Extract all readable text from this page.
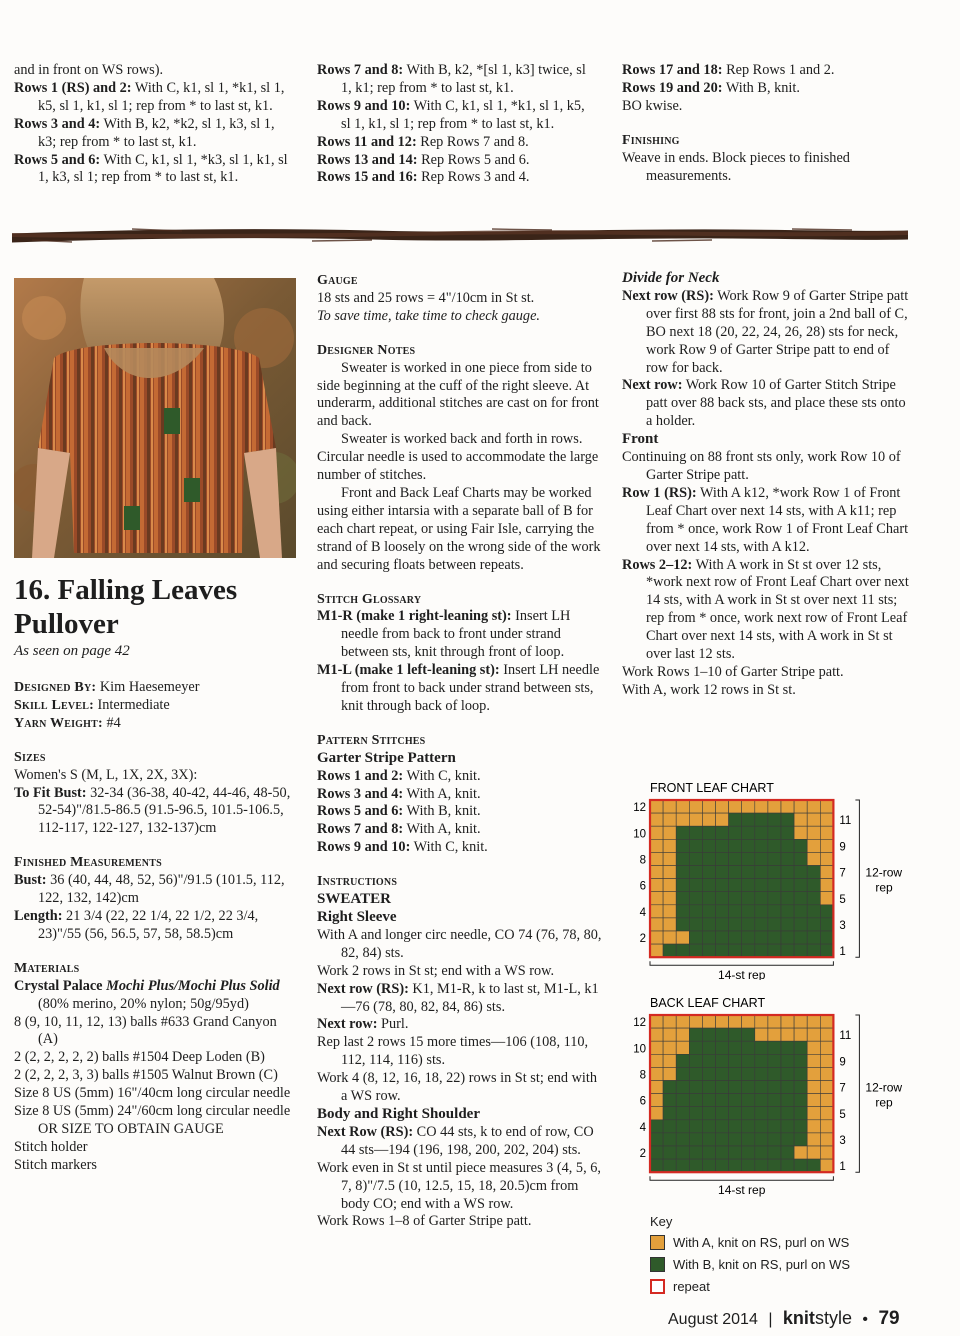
and in front on WS rows).

Rows 1 (RS) and 2: With C, k1, sl 1, *k1, sl 1, k5, sl 1, k1, sl 1; rep from * to last st, k1.

Rows 3 and 4: With B, k2, *k2, sl 1, k3, sl 1, k3; rep from * to last st, k1.

Rows 5 and 6: With C, k1, sl 1, *k3, sl 1, k1, sl 1, k3, sl 1; rep from * to last st, k1.

Rows 7 and 8: With B, k2, *[sl 1, k3] twice, sl 1, k1; rep from * to last st, k1.

Rows 9 and 10: With C, k1, sl 1, *k1, sl 1, k5, sl 1, k1, sl 1; rep from * to last st, k1.

Rows 11 and 12: Rep Rows 7 and 8.

Rows 13 and 14: Rep Rows 5 and 6.

Rows 15 and 16: Rep Rows 3 and 4.

Rows 17 and 18: Rep Rows 1 and 2.

Rows 19 and 20: With B, knit.

BO kwise.

Finishing

Weave in ends. Block pieces to finished measurements.

16. Falling Leaves Pullover
As seen on page 42

Designed By: Kim Haesemeyer

Skill Level: Intermediate

Yarn Weight: #4

Sizes

Women's S (M, L, 1X, 2X, 3X):

To Fit Bust: 32-34 (36-38, 40-42, 44-46, 48-50, 52-54)"/81.5-86.5 (91.5-96.5, 101.5-106.5, 112-117, 122-127, 132-137)cm

Finished Measurements

Bust: 36 (40, 44, 48, 52, 56)"/91.5 (101.5, 112, 122, 132, 142)cm

Length: 21 3/4 (22, 22 1/4, 22 1/2, 22 3/4, 23)"/55 (56, 56.5, 57, 58, 58.5)cm

Materials

Crystal Palace Mochi Plus/Mochi Plus Solid (80% merino, 20% nylon; 50g/95yd)

8 (9, 10, 11, 12, 13) balls #633 Grand Canyon (A)

2 (2, 2, 2, 2, 2) balls #1504 Deep Loden (B)

2 (2, 2, 2, 3, 3) balls #1505 Walnut Brown (C)

Size 8 US (5mm) 16"/40cm long circular needle

Size 8 US (5mm) 24"/60cm long circular needle OR SIZE TO OBTAIN GAUGE

Stitch holder

Stitch markers

Gauge

18 sts and 25 rows = 4"/10cm in St st.

To save time, take time to check gauge.

Designer Notes

Sweater is worked in one piece from side to side beginning at the cuff of the right sleeve. At underarm, additional stitches are cast on for front and back.

Sweater is worked back and forth in rows. Circular needle is used to accommodate the large number of stitches.

Front and Back Leaf Charts may be worked using either intarsia with a separate ball of B for each chart repeat, or using Fair Isle, carrying the strand of B loosely on the wrong side of the work and securing floats between repeats.

Stitch Glossary

M1-R (make 1 right-leaning st): Insert LH needle from back to front under strand between sts, knit through front of loop.

M1-L (make 1 left-leaning st): Insert LH needle from front to back under strand between sts, knit through back of loop.

Pattern Stitches

Garter Stripe Pattern

Rows 1 and 2: With C, knit.

Rows 3 and 4: With A, knit.

Rows 5 and 6: With B, knit.

Rows 7 and 8: With A, knit.

Rows 9 and 10: With C, knit.

Instructions

SWEATER

Right Sleeve

With A and longer circ needle, CO 74 (76, 78, 80, 82, 84) sts.

Work 2 rows in St st; end with a WS row.

Next row (RS): K1, M1-R, k to last st, M1-L, k1—76 (78, 80, 82, 84, 86) sts.

Next row: Purl.

Rep last 2 rows 15 more times—106 (108, 110, 112, 114, 116) sts.

Work 4 (8, 12, 16, 18, 22) rows in St st; end with a WS row.

Body and Right Shoulder

Next Row (RS): CO 44 sts, k to end of row, CO 44 sts—194 (196, 198, 200, 202, 204) sts.

Work even in St st until piece measures 3 (4, 5, 6, 7, 8)"/7.5 (10, 12.5, 15, 18, 20.5)cm from body CO; end with a WS row.

Work Rows 1–8 of Garter Stripe patt.

Divide for Neck

Next row (RS): Work Row 9 of Garter Stripe patt over first 88 sts for front, join a 2nd ball of C, BO next 18 (20, 22, 24, 26, 28) sts for neck, work Row 9 of Garter Stripe patt to end of row for back.

Next row: Work Row 10 of Garter Stitch Stripe patt over 88 back sts, and place these sts onto a holder.

Front

Continuing on 88 front sts only, work Row 10 of Garter Stripe patt.

Row 1 (RS): With A k12, *work Row 1 of Front Leaf Chart over next 14 sts, with A k11; rep from * once, work Row 1 of Front Leaf Chart over next 14 sts, with A k12.

Rows 2–12: With A work in St st over 12 sts, *work next row of Front Leaf Chart over next 14 sts, with A work in St st over next 11 sts; rep from * once, work next row of Front Leaf Chart over next 14 sts, with A work in St st over last 12 sts.

Work Rows 1–10 of Garter Stripe patt.

With A, work 12 rows in St st.

FRONT LEAF CHART
12
10
8
6
4
2
11
9
7
5
3
1
12-row
rep
14-st rep
BACK LEAF CHART
12
10
8
6
4
2
11
9
7
5
3
1
12-row
rep
14-st rep
Key
With A, knit on RS, purl on WS
With B, knit on RS, purl on WS
repeat
August 2014 | knitstyle • 79
